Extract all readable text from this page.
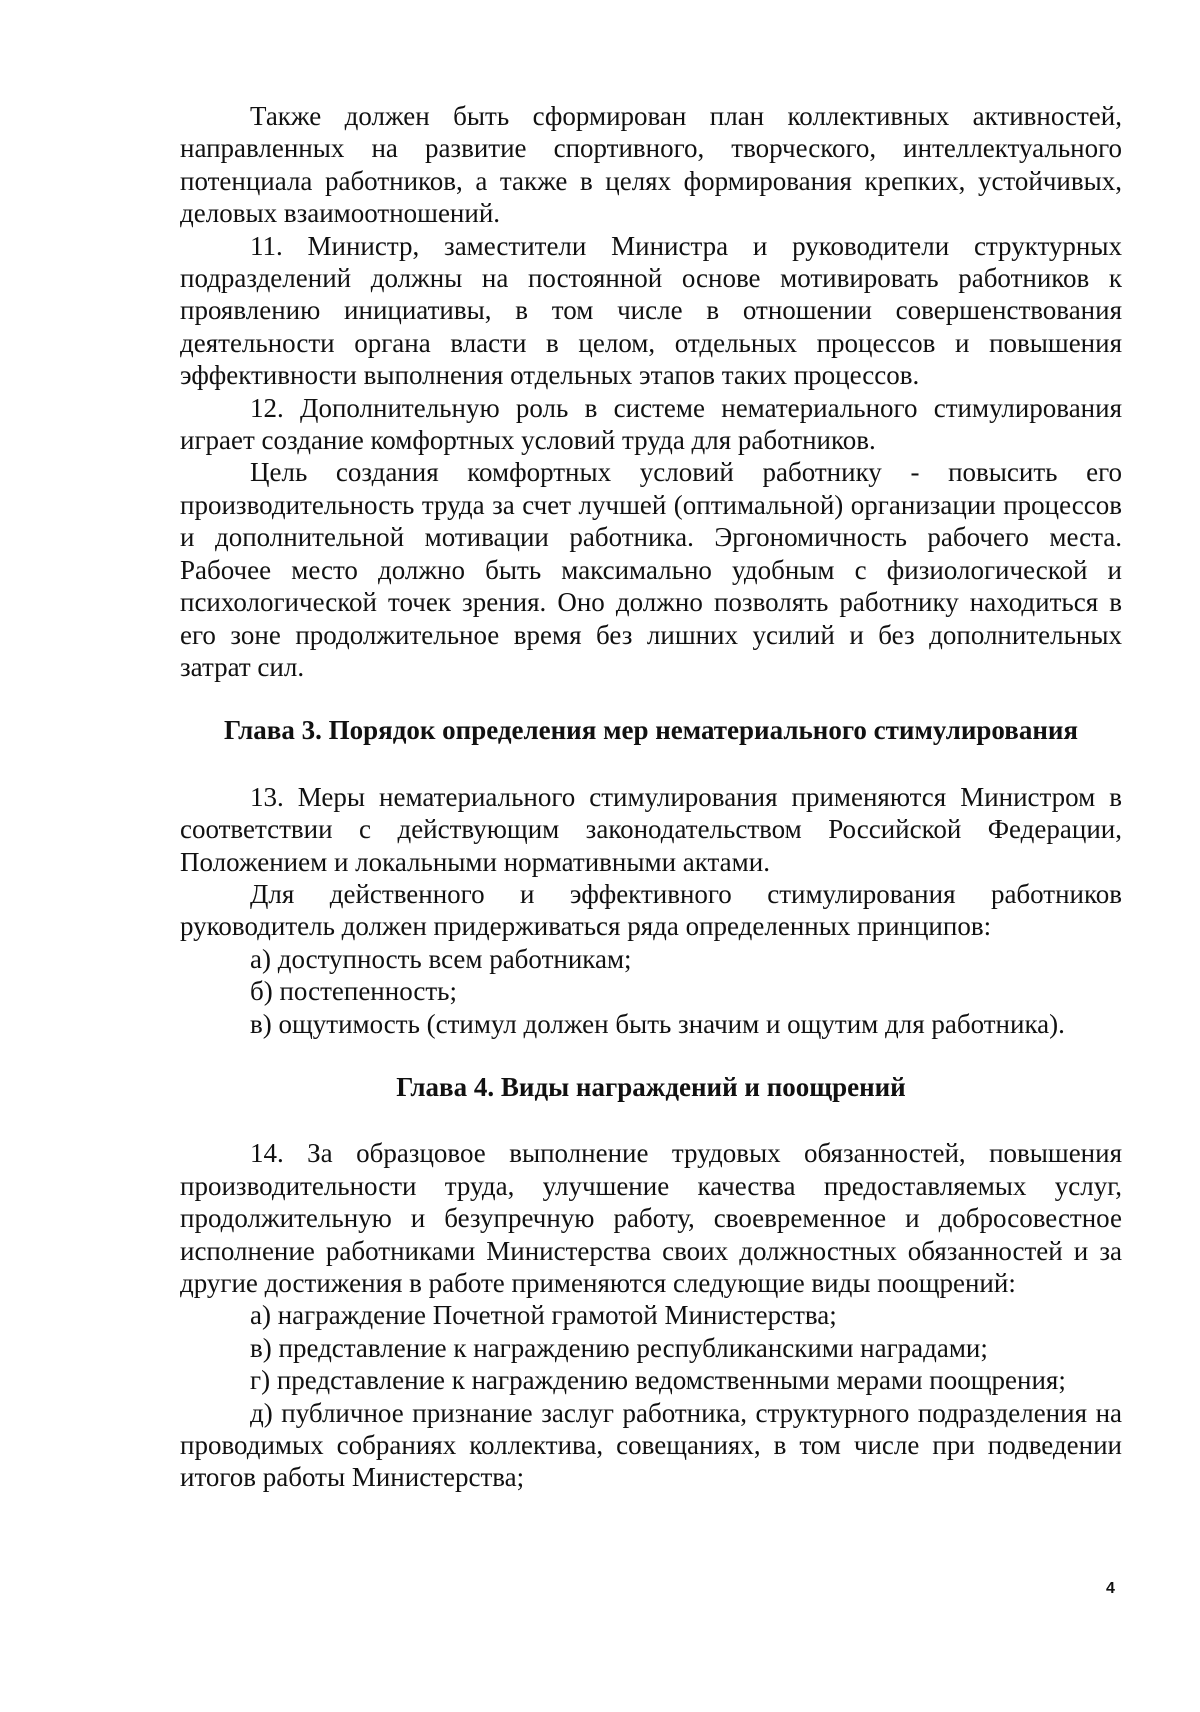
Также должен быть сформирован план коллективных активностей, направленных на развитие спортивного, творческого, интеллектуального потенциала работников, а также в целях формирования крепких, устойчивых, деловых взаимоотношений.

11. Министр, заместители Министра и руководители структурных подразделений должны на постоянной основе мотивировать работников к проявлению инициативы, в том числе в отношении совершенствования деятельности органа власти в целом, отдельных процессов и повышения эффективности выполнения отдельных этапов таких процессов.

12. Дополнительную роль в системе нематериального стимулирования играет создание комфортных условий труда для работников.

Цель создания комфортных условий работнику - повысить его производительность труда за счет лучшей (оптимальной) организации процессов и дополнительной мотивации работника. Эргономичность рабочего места. Рабочее место должно быть максимально удобным с физиологической и психологической точек зрения. Оно должно позволять работнику находиться в его зоне продолжительное время без лишних усилий и без дополнительных затрат сил.

Глава 3. Порядок определения мер нематериального стимулирования

13. Меры нематериального стимулирования применяются Министром в соответствии с действующим законодательством Российской Федерации, Положением и локальными нормативными актами.

Для действенного и эффективного стимулирования работников руководитель должен придерживаться ряда определенных принципов:

а) доступность всем работникам;

б) постепенность;

в) ощутимость (стимул должен быть значим и ощутим для работника).

Глава 4. Виды награждений и поощрений

14. За образцовое выполнение трудовых обязанностей, повышения производительности труда, улучшение качества предоставляемых услуг, продолжительную и безупречную работу, своевременное и добросовестное исполнение работниками Министерства своих должностных обязанностей и за другие достижения в работе применяются следующие виды поощрений:

а) награждение Почетной грамотой Министерства;

в) представление к награждению республиканскими наградами;

г) представление к награждению ведомственными мерами поощрения;

д) публичное признание заслуг работника, структурного подразделения на проводимых собраниях коллектива, совещаниях, в том числе при подведении итогов работы Министерства;

4
